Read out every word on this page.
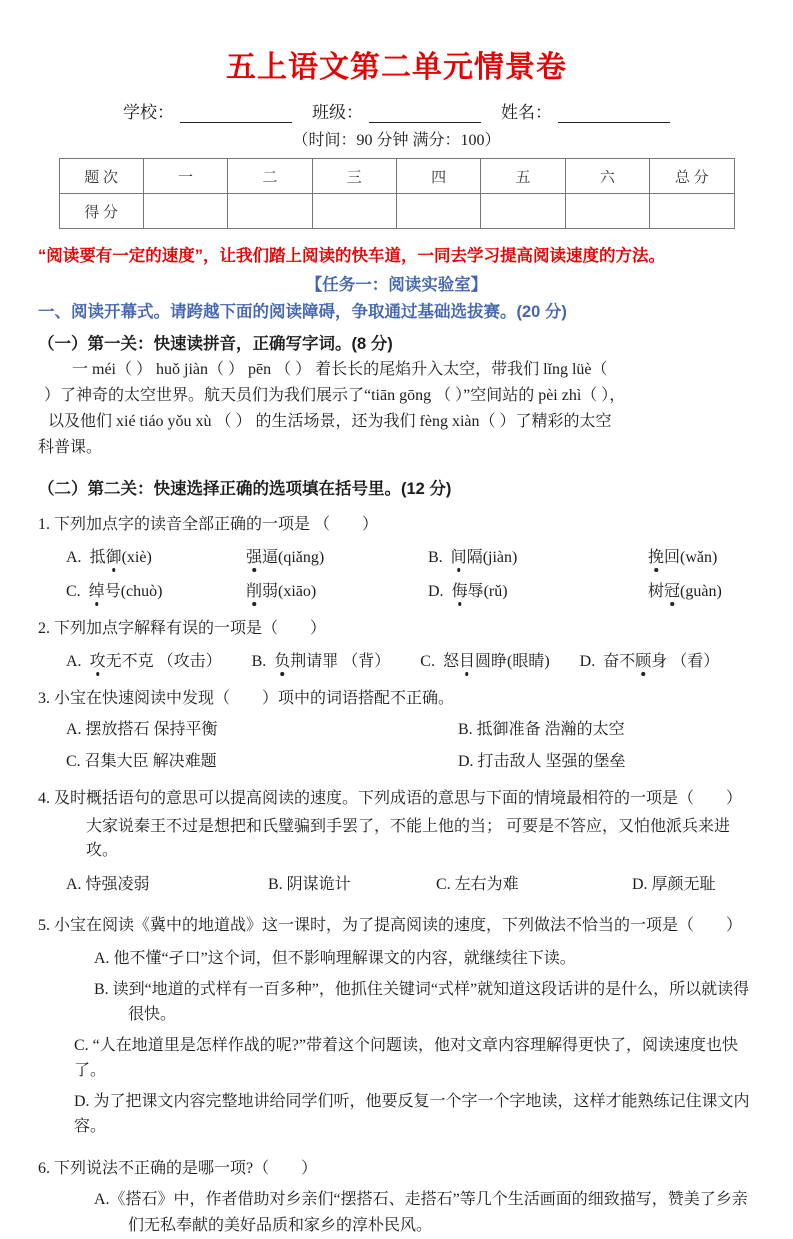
五上语文第二单元情景卷
学校：	班级：	姓名：
（时间：90 分钟 满分：100）
题 次	一	二	三	四	五	六	总 分
得 分							
“阅读要有一定的速度”，让我们踏上阅读的快车道，一同去学习提高阅读速度的方法。
【任务一：阅读实验室】
一、阅读开幕式。请跨越下面的阅读障碍，争取通过基础选拔赛。(20 分)
（一）第一关：快速读拼音，正确写字词。(8 分)
一 méi（ ） huǒ jiàn（ ） pēn （ ） 着长长的尾焰升入太空，带我们 lǐng lüè（
）了神奇的太空世界。航天员们为我们展示了“tiān gōng （ ）”空间站的 pèi zhì（ ），
以及他们 xié tiáo yǒu xù （ ） 的生活场景，还为我们 fèng xiàn（ ）了精彩的太空
科普课。
（二）第二关：快速选择正确的选项填在括号里。(12 分)
1. 下列加点字的读音全部正确的一项是 （　　）
A. 抵御(xiè)	强逼(qiǎng)	B. 间隔(jiàn)	挽回(wǎn)
C. 绰号(chuò)	削弱(xiāo)	D. 侮辱(rǔ)	树冠(guàn)
2. 下列加点字解释有误的一项是（　　）
A. 攻无不克 （攻击） B. 负荆请罪 （背） C. 怒目圆睁(眼睛) D. 奋不顾身 （看）
3. 小宝在快速阅读中发现（　　）项中的词语搭配不正确。
A. 摆放搭石 保持平衡	B. 抵御准备 浩瀚的太空
C. 召集大臣 解决难题	D. 打击敌人 坚强的堡垒
4. 及时概括语句的意思可以提高阅读的速度。下列成语的意思与下面的情境最相符的一项是（　　）
大家说秦王不过是想把和氏璧骗到手罢了，不能上他的当； 可要是不答应，又怕他派兵来进攻。
A. 恃强凌弱	B. 阴谋诡计	C. 左右为难	D. 厚颜无耻
5. 小宝在阅读《冀中的地道战》这一课时，为了提高阅读的速度，下列做法不恰当的一项是（　　）
A. 他不懂“孑口”这个词，但不影响理解课文的内容，就继续往下读。
B. 读到“地道的式样有一百多种”，他抓住关键词“式样”就知道这段话讲的是什么，所以就读得很快。
C. “人在地道里是怎样作战的呢?”带着这个问题读，他对文章内容理解得更快了，阅读速度也快了。
D. 为了把课文内容完整地讲给同学们听，他要反复一个字一个字地读，这样才能熟练记住课文内容。
6. 下列说法不正确的是哪一项?（　　）
A.《搭石》中，作者借助对乡亲们“摆搭石、走搭石”等几个生活画面的细致描写，赞美了乡亲们无私奉献的美好品质和家乡的淳朴民风。
